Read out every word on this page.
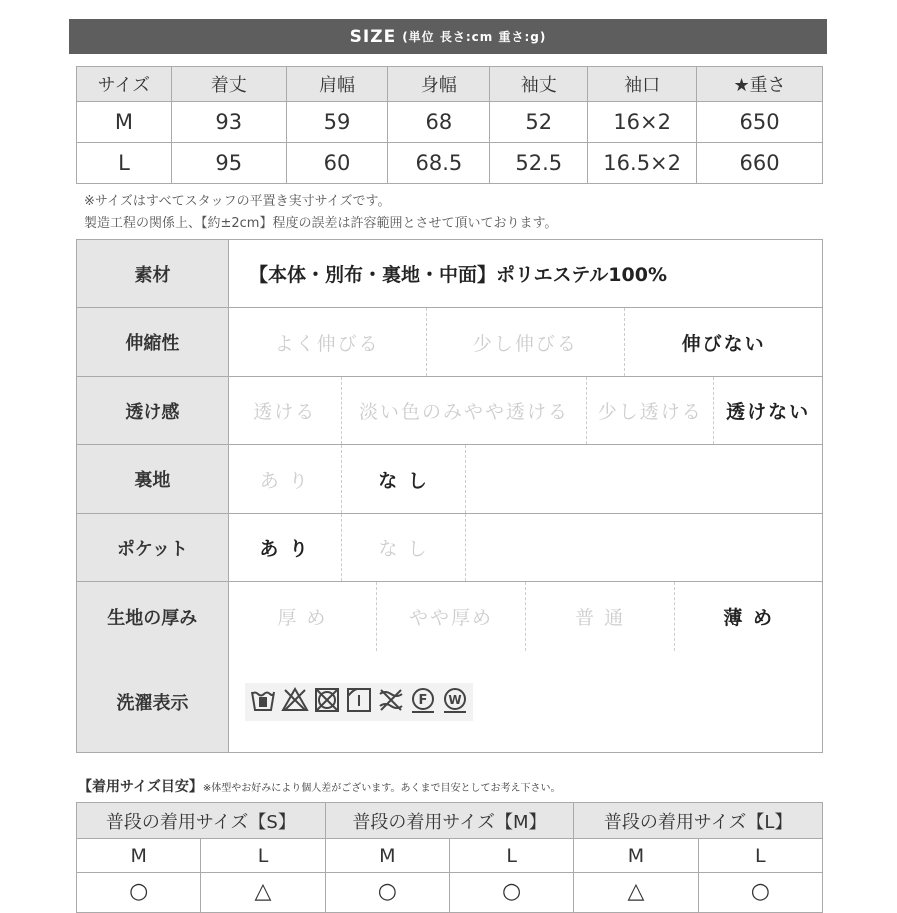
SIZE (単位 長さ:cm 重さ:g)
サイズ	着丈	肩幅	身幅	袖丈	袖口	★重さ
M	93	59	68	52	16×2	650
L	95	60	68.5	52.5	16.5×2	660
※サイズはすべてスタッフの平置き実寸サイズです。
製造工程の関係上、【約±2cm】程度の誤差は許容範囲とさせて頂いております。
素材	【本体・別布・裏地・中面】ポリエステル100%
伸縮性	よく伸びる	少し伸びる	伸びない
透け感	透ける	淡い色のみやや透ける	少し透ける	透けない
裏地	あ り	な し
ポケット	あ り	な し
生地の厚み	厚 め	やや厚め	普 通	薄 め
洗濯表示	F W
【着用サイズ目安】※体型やお好みにより個人差がございます。あくまで目安としてお考え下さい。
普段の着用サイズ【S】		普段の着用サイズ【M】		普段の着用サイズ【L】	
M	L	M	L	M	L
○	△	○	○	△	○
